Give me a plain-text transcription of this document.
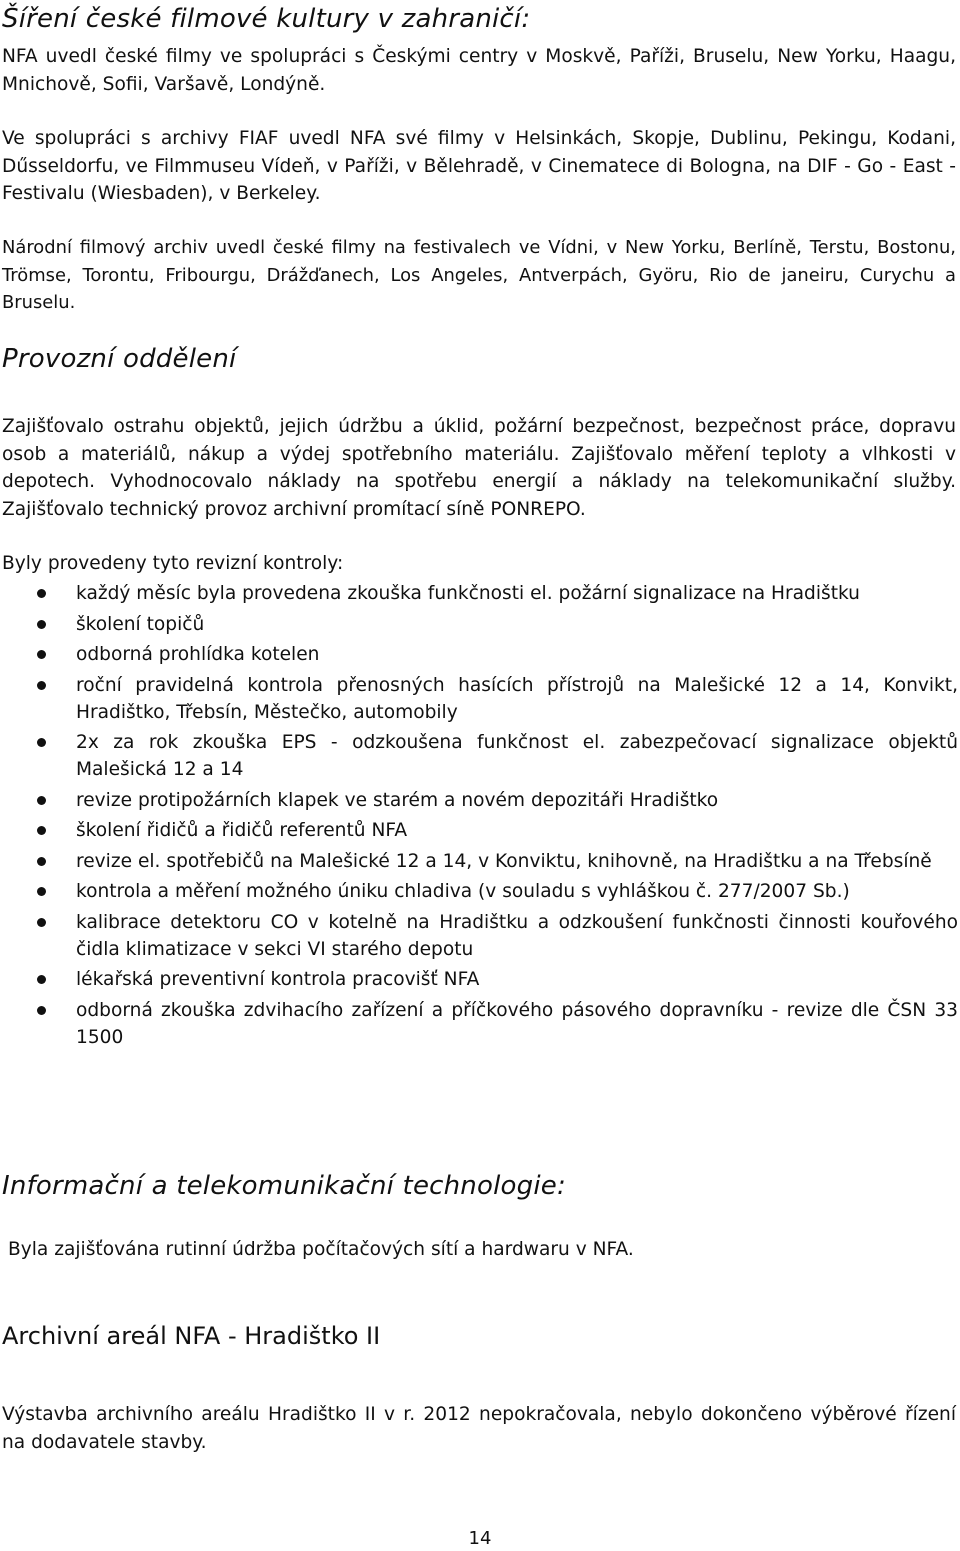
Šíření české filmové kultury v zahraničí:

NFA uvedl české filmy ve spolupráci s Českými centry v Moskvě, Paříži, Bruselu, New Yorku, Haagu, Mnichově, Sofii, Varšavě, Londýně.

Ve spolupráci s archivy FIAF uvedl NFA své filmy v Helsinkách, Skopje, Dublinu, Pekingu, Kodani, Dűsseldorfu, ve Filmmuseu Vídeň, v Paříži, v Bělehradě, v Cinematece di Bologna, na DIF - Go - East - Festivalu (Wiesbaden), v Berkeley.

Národní filmový archiv uvedl české filmy na festivalech ve Vídni, v New Yorku, Berlíně, Terstu, Bostonu, Trömse, Torontu, Fribourgu, Drážďanech, Los Angeles, Antverpách, Györu, Rio de janeiru, Curychu a Bruselu.

Provozní oddělení

Zajišťovalo ostrahu objektů, jejich údržbu a úklid, požární bezpečnost, bezpečnost práce, dopravu osob a materiálů, nákup a výdej spotřebního materiálu. Zajišťovalo měření teploty a vlhkosti v depotech. Vyhodnocovalo náklady na spotřebu energií a náklady na telekomunikační služby. Zajišťovalo technický provoz archivní promítací síně PONREPO.

Byly provedeny tyto revizní kontroly:

každý měsíc byla provedena zkouška funkčnosti el. požární signalizace na Hradištku
školení topičů
odborná prohlídka kotelen
roční pravidelná kontrola přenosných hasících přístrojů na Malešické 12 a 14, Konvikt, Hradištko, Třebsín, Městečko, automobily
2x za rok zkouška EPS - odzkoušena funkčnost el. zabezpečovací signalizace objektů Malešická 12 a 14
revize protipožárních klapek ve starém a novém depozitáři Hradištko
školení řidičů a řidičů referentů NFA
revize el. spotřebičů na Malešické 12 a 14, v Konviktu, knihovně, na Hradištku a na Třebsíně
kontrola a měření možného úniku chladiva (v souladu s vyhláškou č. 277/2007 Sb.)
kalibrace detektoru CO v kotelně na Hradištku a odzkoušení funkčnosti činnosti kouřového čidla klimatizace v sekci VI starého depotu
lékařská preventivní kontrola pracovišť NFA
odborná zkouška zdvihacího zařízení a příčkového pásového dopravníku - revize dle ČSN 33 1500
Informační a telekomunikační technologie:

Byla zajišťována rutinní údržba počítačových sítí a hardwaru v NFA.

Archivní areál NFA - Hradištko II

Výstavba archivního areálu Hradištko II v r. 2012 nepokračovala, nebylo dokončeno výběrové řízení na dodavatele stavby.

14
